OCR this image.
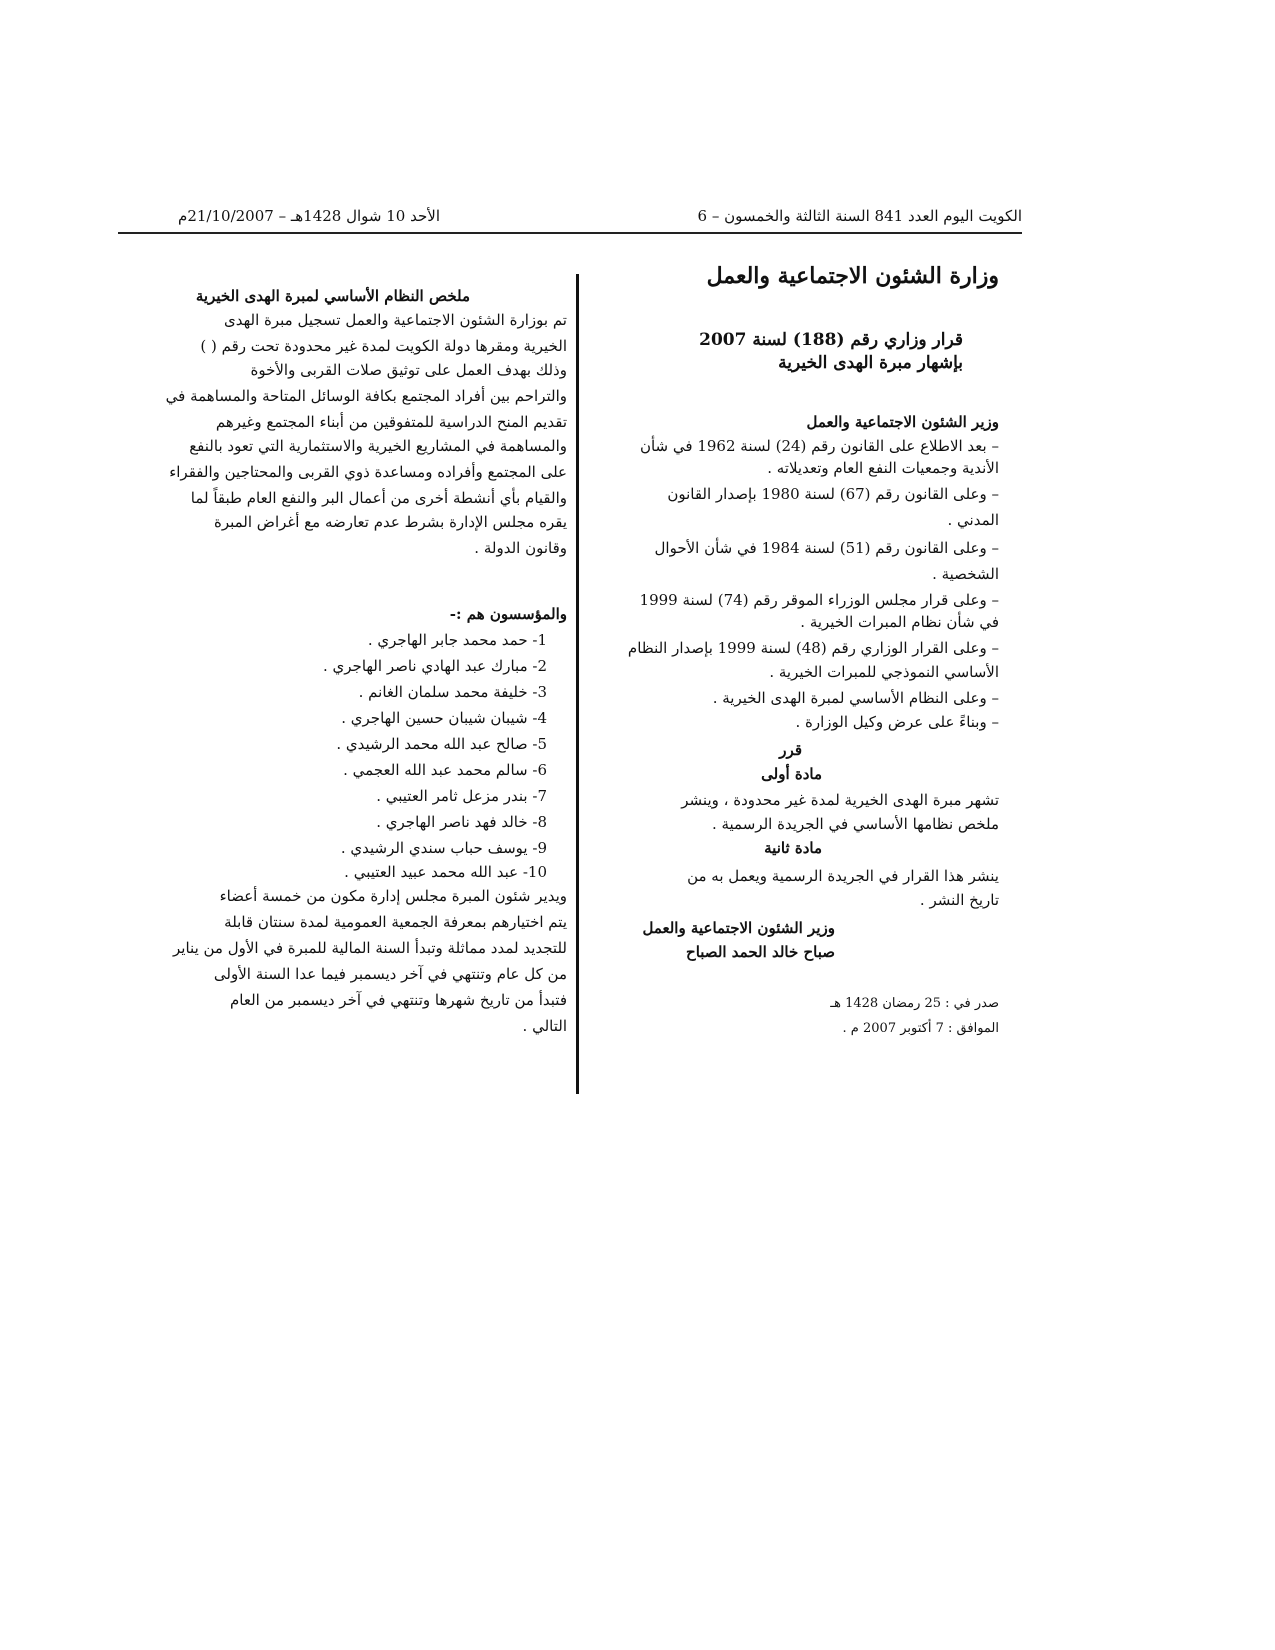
الكويت اليوم العدد 841 السنة الثالثة والخمسون – 6
الأحد 10 شوال 1428هـ – 21/10/2007م
وزارة الشئون الاجتماعية والعمل
قرار وزاري رقم (188) لسنة 2007
بإشهار مبرة الهدى الخيرية
وزير الشئون الاجتماعية والعمل
– بعد الاطلاع على القانون رقم (24) لسنة 1962 في شأن
الأندية وجمعيات النفع العام وتعديلاته .
– وعلى القانون رقم (67) لسنة 1980 بإصدار القانون
المدني .
– وعلى القانون رقم (51) لسنة 1984 في شأن الأحوال
الشخصية .
– وعلى قرار مجلس الوزراء الموقر رقم (74) لسنة 1999
في شأن نظام المبرات الخيرية .
– وعلى القرار الوزاري رقم (48) لسنة 1999 بإصدار النظام
الأساسي النموذجي للمبرات الخيرية .
– وعلى النظام الأساسي لمبرة الهدى الخيرية .
– وبناءً على عرض وكيل الوزارة .
قرر
مادة أولى
تشهر مبرة الهدى الخيرية لمدة غير محدودة ، وينشر
ملخص نظامها الأساسي في الجريدة الرسمية .
مادة ثانية
ينشر هذا القرار في الجريدة الرسمية ويعمل به من
تاريخ النشر .
وزير الشئون الاجتماعية والعمل
صباح خالد الحمد الصباح
صدر في : 25 رمضان 1428 هـ
الموافق : 7 أكتوبر 2007 م .
ملخص النظام الأساسي لمبرة الهدى الخيرية
تم بوزارة الشئون الاجتماعية والعمل تسجيل مبرة الهدى
الخيرية ومقرها دولة الكويت لمدة غير محدودة تحت رقم ( )
وذلك بهدف العمل على توثيق صلات القربى والأخوة
والتراحم بين أفراد المجتمع بكافة الوسائل المتاحة والمساهمة في
تقديم المنح الدراسية للمتفوقين من أبناء المجتمع وغيرهم
والمساهمة في المشاريع الخيرية والاستثمارية التي تعود بالنفع
على المجتمع وأفراده ومساعدة ذوي القربى والمحتاجين والفقراء
والقيام بأي أنشطة أخرى من أعمال البر والنفع العام طبقاً لما
يقره مجلس الإدارة بشرط عدم تعارضه مع أغراض المبرة
وقانون الدولة .
والمؤسسون هم :-
1- حمد محمد جابر الهاجري .
2- مبارك عبد الهادي ناصر الهاجري .
3- خليفة محمد سلمان الغانم .
4- شيبان شيبان حسين الهاجري .
5- صالح عبد الله محمد الرشيدي .
6- سالم محمد عبد الله العجمي .
7- بندر مزعل ثامر العتيبي .
8- خالد فهد ناصر الهاجري .
9- يوسف حباب سندي الرشيدي .
10- عبد الله محمد عبيد العتيبي .
ويدير شئون المبرة مجلس إدارة مكون من خمسة أعضاء
يتم اختيارهم بمعرفة الجمعية العمومية لمدة سنتان قابلة
للتجديد لمدد مماثلة وتبدأ السنة المالية للمبرة في الأول من يناير
من كل عام وتنتهي في آخر ديسمبر فيما عدا السنة الأولى
فتبدأ من تاريخ شهرها وتنتهي في آخر ديسمبر من العام
التالي .
